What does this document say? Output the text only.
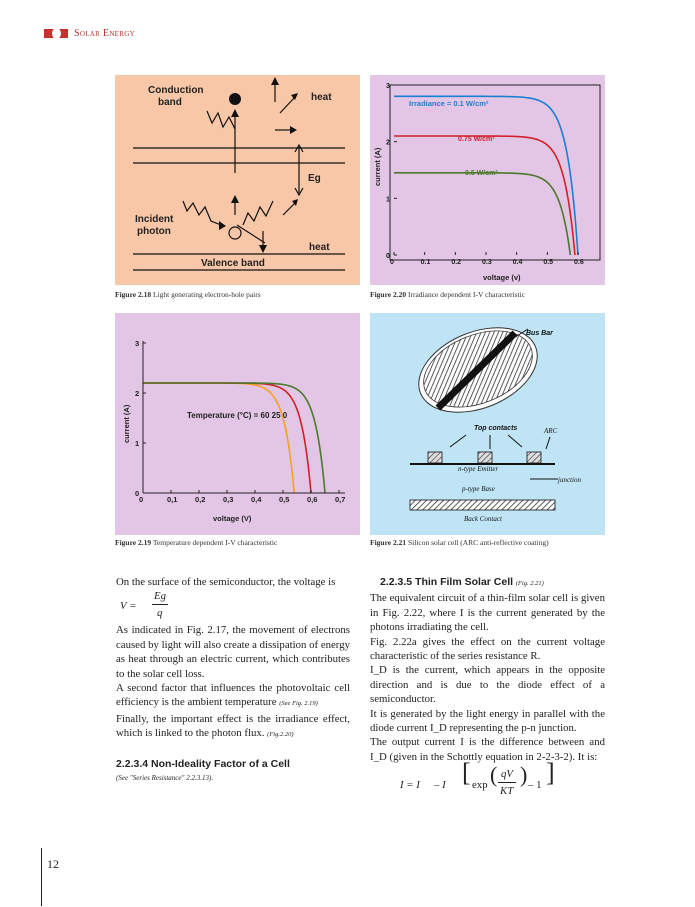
Solar Energy
Conduction
band	heat
Eg
Incident
photon
heat
Valence band
Figure 2.18 Light generating electron-hole pairs
0	0.1	0.2	0.3	0.4	0.5	0.6
0
1
2
3
current (A)
voltage (v)
Irradiance = 0.1 W/cm²
0.75 W/cm²
0.5 W/cm²
Figure 2.20 Irradiance dependent I-V characteristic
0	0,1 0,2 0,3 0,4 0,5 0,6 0,7
0
1
2
3
current (A)
voltage (V)
Temperature (°C) = 60 25 0
Figure 2.19 Temperature dependent I-V characteristic
Bus Bar
Top contacts	ARC
n-type Emitter
junction
p-type Base
Back Contact
Figure 2.21 Silicon solar cell (ARC anti-reflective coating)

On the surface of the semiconductor, the voltage is

V =
Eg
q

As indicated in Fig. 2.17, the movement of electrons caused by light will also create a dissipation of energy as heat through an electric current, which contributes to the solar cell loss.

A second factor that influences the photovoltaic cell efficiency is the ambient temperature (See Fig. 2.19)

Finally, the important effect is the irradiance effect, which is linked to the photon flux. (Fig.2.20)

2.2.3.4 Non-Ideality Factor of a Cell

(See "Series Resistance" 2.2.3.13).

2.2.3.5 Thin Film Solar Cell (Fig. 2.21)

The equivalent circuit of a thin-film solar cell is given in Fig. 2.22, where I is the current generated by the photons irradiating the cell.

Fig. 2.22a gives the effect on the current voltage characteristic of the series resistance R.

I_D is the current, which appears in the opposite direction and is due to the diode effect of a semiconductor.

It is generated by the light energy in parallel with the diode current I_D representing the p-n junction.

The output current I is the difference between and I_D (given in the Schottly equation in 2-2-3-2). It is:

I = I – I [ exp ( qV
KT
) – 1 ]
12
